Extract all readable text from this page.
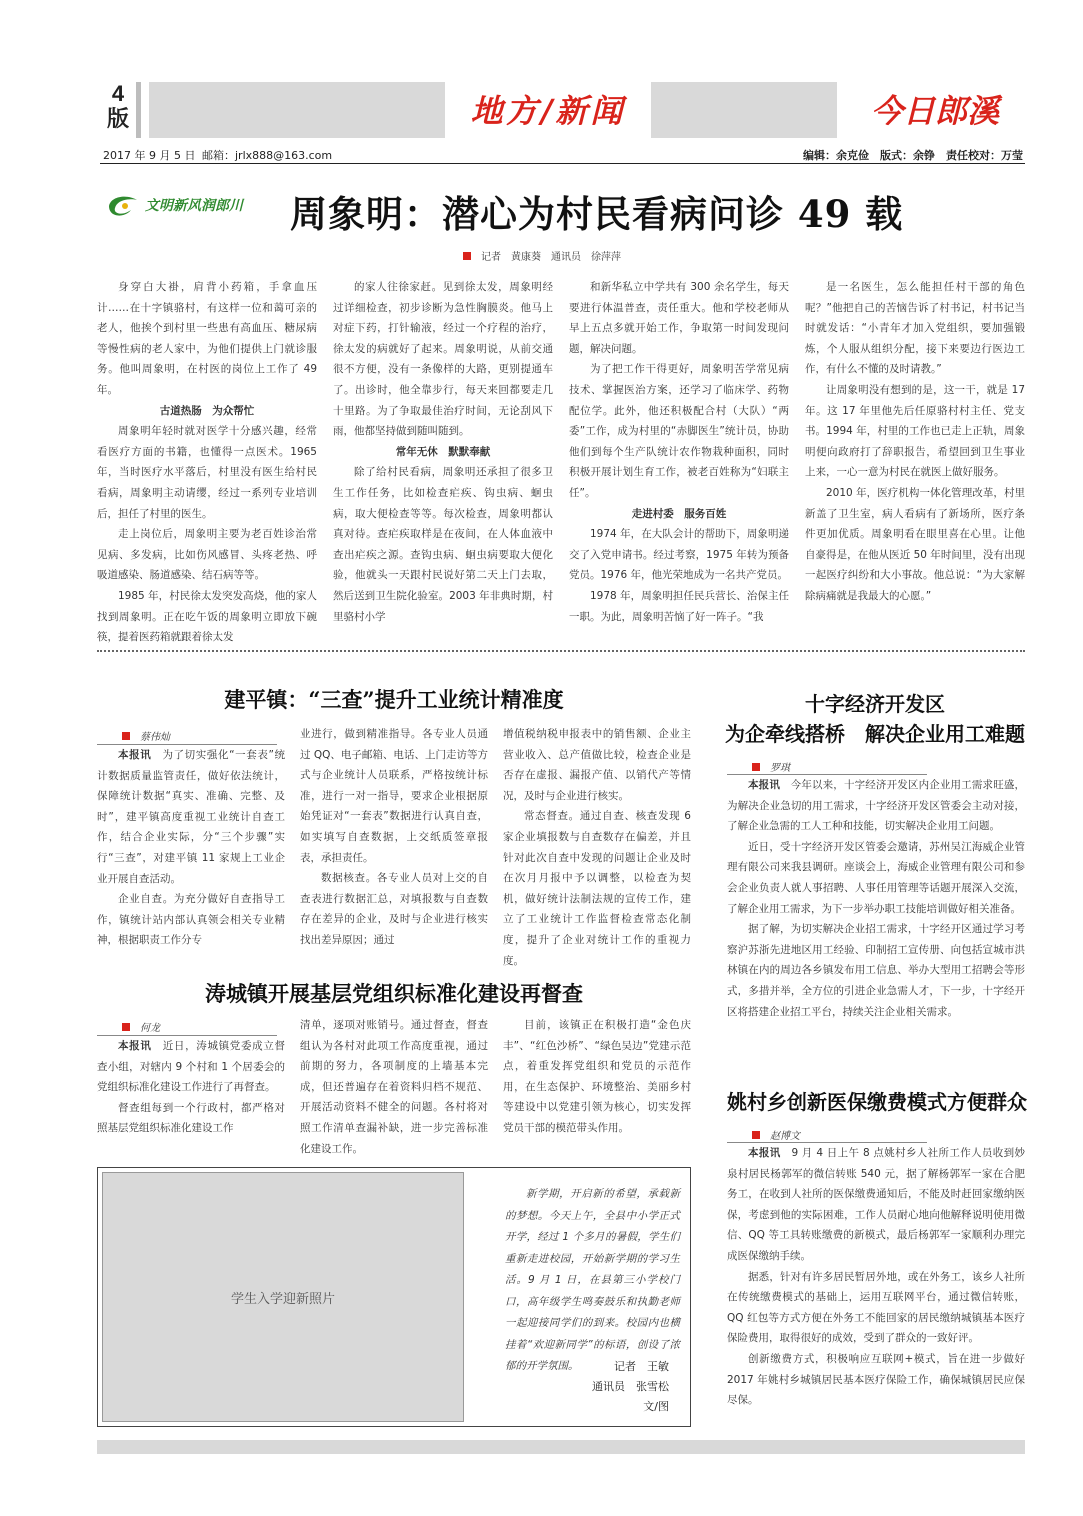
4
版	地方/新闻	今日郎溪
2017 年 9 月 5 日 邮箱：jrlx888@163.com	编辑：余克俭　版式：余铮　责任校对：万莹
文明新风润郎川 周象明：潜心为村民看病问诊 49 载
记者　黄康葵　通讯员　徐萍萍

身穿白大褂，肩背小药箱，手拿血压计……在十字镇骆村，有这样一位和蔼可亲的老人，他挨个到村里一些患有高血压、糖尿病等慢性病的老人家中，为他们提供上门就诊服务。他叫周象明，在村医的岗位上工作了 49 年。

古道热肠　为众帮忙

周象明年轻时就对医学十分感兴趣，经常看医疗方面的书籍，也懂得一点医术。1965 年，当时医疗水平落后，村里没有医生给村民看病，周象明主动请缨，经过一系列专业培训后，担任了村里的医生。

走上岗位后，周象明主要为老百姓诊治常见病、多发病，比如伤风感冒、头疼老热、呼吸道感染、肠道感染、结石病等等。

1985 年，村民徐太发突发高烧，他的家人找到周象明。正在吃午饭的周象明立即放下碗筷，提着医药箱就跟着徐太发

的家人往徐家赶。见到徐太发，周象明经过详细检查，初步诊断为急性胸膜炎。他马上对症下药，打针输液，经过一个疗程的治疗，徐太发的病就好了起来。周象明说，从前交通很不方便，没有一条像样的大路，更别提通车了。出诊时，他全靠步行，每天来回都要走几十里路。为了争取最佳治疗时间，无论刮风下雨，他都坚持做到随叫随到。

常年无休　默默奉献

除了给村民看病，周象明还承担了很多卫生工作任务，比如检查疟疾、钩虫病、蛔虫病，取大便检查等等。每次检查，周象明都认真对待。查疟疾取样是在夜间，在人体血液中查出疟疾之源。查钩虫病、蛔虫病要取大便化验，他就头一天跟村民说好第二天上门去取，然后送到卫生院化验室。2003 年非典时期，村里骆村小学

和新华私立中学共有 300 余名学生，每天要进行体温普查，责任重大。他和学校老师从早上五点多就开始工作，争取第一时间发现问题，解决问题。

为了把工作干得更好，周象明苦学常见病技术、掌握医治方案，还学习了临床学、药物配位学。此外，他还积极配合村（大队）“两委”工作，成为村里的“赤脚医生”统计员，协助他们到每个生产队统计农作物栽种面积，同时积极开展计划生育工作，被老百姓称为“妇联主任”。

走进村委　服务百姓

1974 年，在大队会计的帮助下，周象明递交了入党申请书。经过考察，1975 年转为预备党员。1976 年，他光荣地成为一名共产党员。

1978 年，周象明担任民兵营长、治保主任一职。为此，周象明苦恼了好一阵子。“我

是一名医生，怎么能担任村干部的角色呢？”他把自己的苦恼告诉了村书记，村书记当时就发话：“小青年才加入党组织，要加强锻炼，个人服从组织分配，接下来要边行医边工作，有什么不懂的及时请教。”

让周象明没有想到的是，这一干，就是 17 年。这 17 年里他先后任原骆村村主任、党支书。1994 年，村里的工作也已走上正轨，周象明便向政府打了辞职报告，希望回到卫生事业上来，一心一意为村民在就医上做好服务。

2010 年，医疗机构一体化管理改革，村里新盖了卫生室，病人看病有了新场所，医疗条件更加优质。周象明看在眼里喜在心里。让他自豪得是，在他从医近 50 年时间里，没有出现一起医疗纠纷和大小事故。他总说：“为大家解除病痛就是我最大的心愿。”

建平镇：“三查”提升工业统计精准度
蔡伟灿

本报讯　 为了切实强化“一套表”统计数据质量监管责任，做好依法统计，保障统计数据“真实、准确、完整、及时”，建平镇高度重视工业统计自查工作，结合企业实际，分“三个步骤”实行“三查”，对建平镇 11 家规上工业企业开展自查活动。

企业自查。为充分做好自查指导工作，镇统计站内部认真领会相关专业精神，根据职责工作分专

业进行，做到精准指导。各专业人员通过 QQ、电子邮箱、电话、上门走访等方式与企业统计人员联系，严格按统计标准，进行一对一指导，要求企业根据原始凭证对“一套表”数据进行认真自查，如实填写自查数据，上交纸质签章报表，承担责任。

数据核查。各专业人员对上交的自查表进行数据汇总，对填报数与自查数存在差异的企业，及时与企业进行核实找出差异原因；通过

增值税纳税申报表中的销售额、企业主营业收入、总产值做比较，检查企业是否存在虚报、漏报产值、以销代产等情况，及时与企业进行核实。

常态督查。通过自查、核查发现 6 家企业填报数与自查数存在偏差，并且针对此次自查中发现的问题让企业及时在次月月报中予以调整，以检查为契机，做好统计法制法规的宣传工作，建立了工业统计工作监督检查常态化制度，提升了企业对统计工作的重视力度。

涛城镇开展基层党组织标准化建设再督查
何龙

本报讯　 近日，涛城镇党委成立督查小组，对辖内 9 个村和 1 个居委会的党组织标准化建设工作进行了再督查。

督查组每到一个行政村，都严格对照基层党组织标准化建设工作

清单，逐项对账销号。通过督查，督查组认为各村对此项工作高度重视，通过前期的努力，各项制度的上墙基本完成，但还普遍存在着资料归档不规范、开展活动资料不健全的问题。各村将对照工作清单查漏补缺，进一步完善标准化建设工作。

目前，该镇正在积极打造“金色庆丰”、“红色沙桥”、“绿色吴边”党建示范点，着重发挥党组织和党员的示范作用，在生态保护、环境整治、美丽乡村等建设中以党建引领为核心，切实发挥党员干部的模范带头作用。

学生入学迎新照片

新学期，开启新的希望，承载新的梦想。今天上午，全县中小学正式开学，经过 1 个多月的暑假，学生们重新走进校园，开始新学期的学习生活。9 月 1 日，在县第三小学校门口，高年级学生鸣奏鼓乐和执勤老师一起迎接同学们的到来。校园内也横挂着“欢迎新同学”的标语，创设了浓郁的开学氛围。	记者　王敏
通讯员　张雪松
文/图
十字经济开发区
为企牵线搭桥　解决企业用工难题
罗琪

本报讯　 今年以来，十字经济开发区内企业用工需求旺盛，为解决企业急切的用工需求，十字经济开发区管委会主动对接，了解企业急需的工人工种和技能，切实解决企业用工问题。

近日，受十字经济开发区管委会邀请，苏州吴江海威企业管理有限公司来我县调研。座谈会上，海威企业管理有限公司和参会企业负责人就人事招聘、人事任用管理等话题开展深入交流，了解企业用工需求，为下一步举办职工技能培训做好相关准备。

据了解，为切实解决企业招工需求，十字经开区通过学习考察沪苏浙先进地区用工经验、印制招工宣传册、向包括宣城市洪林镇在内的周边各乡镇发布用工信息、举办大型用工招聘会等形式，多措并举，全方位的引进企业急需人才，下一步，十字经开区将搭建企业招工平台，持续关注企业相关需求。

姚村乡创新医保缴费模式方便群众
赵博文

本报讯　 9 月 4 日上午 8 点姚村乡人社所工作人员收到妙泉村居民杨郭军的微信转账 540 元，据了解杨郭军一家在合肥务工，在收到人社所的医保缴费通知后，不能及时赶回家缴纳医保，考虑到他的实际困难，工作人员耐心地向他解释说明使用微信、QQ 等工具转账缴费的新模式，最后杨郭军一家顺利办理完成医保缴纳手续。

据悉，针对有许多居民暂居外地，或在外务工，该乡人社所在传统缴费模式的基础上，运用互联网平台，通过微信转账，QQ 红包等方式方便在外务工不能回家的居民缴纳城镇基本医疗保险费用，取得很好的成效，受到了群众的一致好评。

创新缴费方式，积极响应互联网+模式，旨在进一步做好 2017 年姚村乡城镇居民基本医疗保险工作，确保城镇居民应保尽保。
